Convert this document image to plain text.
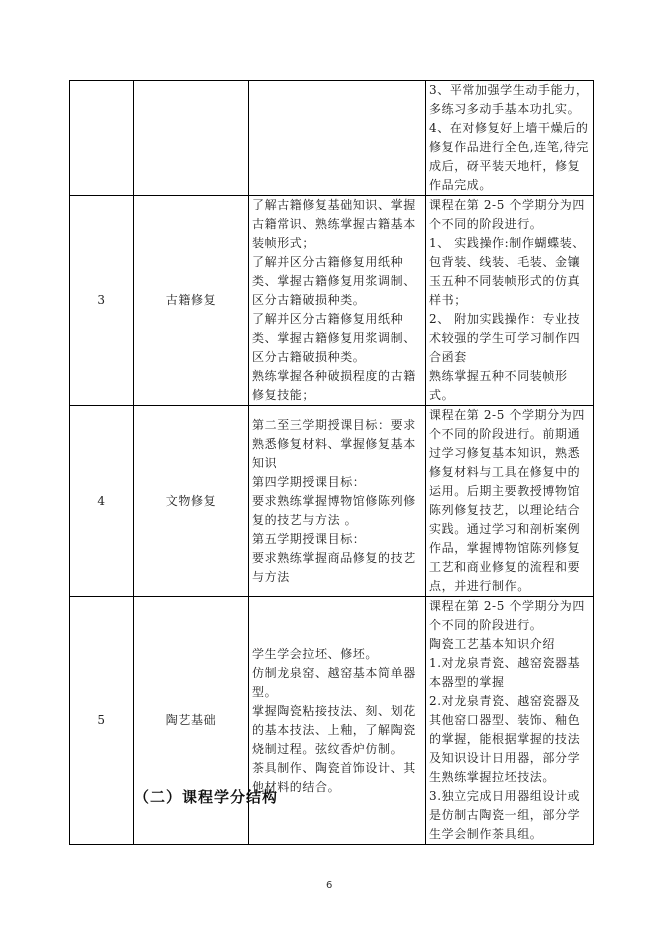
			3、平常加强学生动手能力，多练习多动手基本功扎实。
4、在对修复好上墙干燥后的修复作品进行全色,连笔,待完成后，砑平装天地杆，修复作品完成。

3	古籍修复	了解古籍修复基础知识、掌握古籍常识、熟练掌握古籍基本装帧形式；
了解并区分古籍修复用纸种类、掌握古籍修复用浆调制、区分古籍破损种类。
了解并区分古籍修复用纸种类、掌握古籍修复用浆调制、区分古籍破损种类。
熟练掌握各种破损程度的古籍修复技能；	课程在第 2-5 个学期分为四个不同的阶段进行。
1、 实践操作:制作蝴蝶装、包背装、线装、毛装、金镶玉五种不同装帧形式的仿真样书；
2、 附加实践操作：专业技术较强的学生可学习制作四合函套
熟练掌握五种不同装帧形式。

4	文物修复	第二至三学期授课目标：要求熟悉修复材料、掌握修复基本知识
第四学期授课目标：
要求熟练掌握博物馆修陈列修复的技艺与方法 。
第五学期授课目标：
要求熟练掌握商品修复的技艺与方法	课程在第 2-5 个学期分为四个不同的阶段进行。前期通过学习修复基本知识，熟悉修复材料与工具在修复中的运用。后期主要教授博物馆陈列修复技艺，以理论结合实践。通过学习和剖析案例作品，掌握博物馆陈列修复工艺和商业修复的流程和要点，并进行制作。

5	陶艺基础	学生学会拉坯、修坯。
仿制龙泉窑、越窑基本简单器型。
掌握陶瓷粘接技法、刻、划花的基本技法、上釉，了解陶瓷烧制过程。弦纹香炉仿制。
茶具制作、陶瓷首饰设计、其他材料的结合。	课程在第 2-5 个学期分为四个不同的阶段进行。
陶瓷工艺基本知识介绍
1.对龙泉青瓷、越窑瓷器基本器型的掌握
2.对龙泉青瓷、越窑瓷器及其他窑口器型、装饰、釉色的掌握，能根据掌握的技法及知识设计日用器，部分学生熟练掌握拉坯技法。
3.独立完成日用器组设计或是仿制古陶瓷一组，部分学生学会制作茶具组。
（二）课程学分结构
6
